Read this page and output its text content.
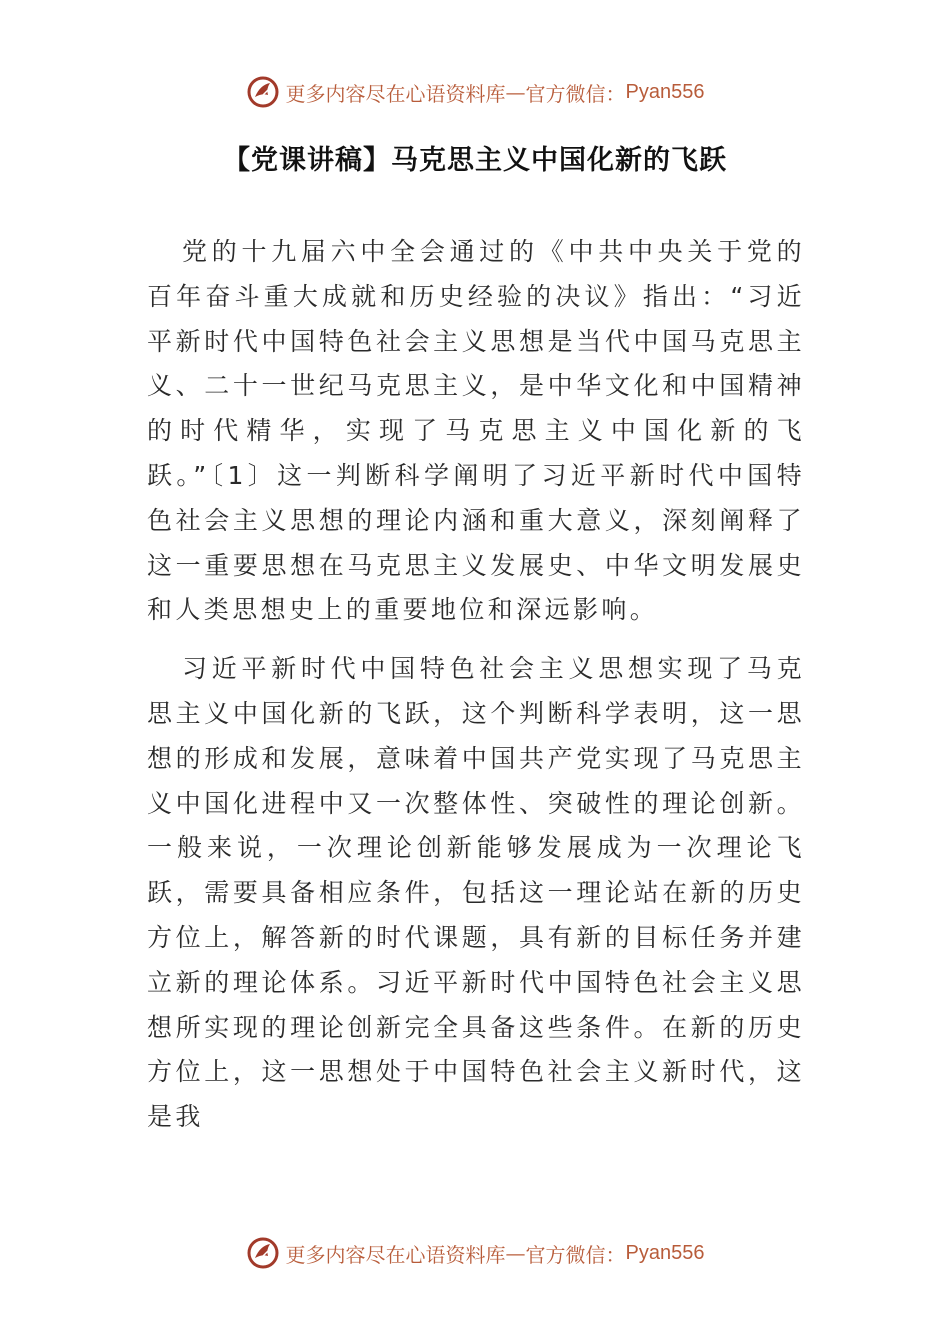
更多内容尽在心语资料库 — 官方微信： Pyan556
【党课讲稿】马克思主义中国化新的飞跃

党的十九届六中全会通过的《中共中央关于党的百年奋斗重大成就和历史经验的决议》指出：“习近平新时代中国特色社会主义思想是当代中国马克思主义、二十一世纪马克思主义，是中华文化和中国精神的时代精华，实现了马克思主义中国化新的飞跃。”〔1〕这一判断科学阐明了习近平新时代中国特色社会主义思想的理论内涵和重大意义，深刻阐释了这一重要思想在马克思主义发展史、中华文明发展史和人类思想史上的重要地位和深远影响。

习近平新时代中国特色社会主义思想实现了马克思主义中国化新的飞跃，这个判断科学表明，这一思想的形成和发展，意味着中国共产党实现了马克思主义中国化进程中又一次整体性、突破性的理论创新。一般来说，一次理论创新能够发展成为一次理论飞跃，需要具备相应条件，包括这一理论站在新的历史方位上，解答新的时代课题，具有新的目标任务并建立新的理论体系。习近平新时代中国特色社会主义思想所实现的理论创新完全具备这些条件。在新的历史方位上，这一思想处于中国特色社会主义新时代，这是我

更多内容尽在心语资料库 — 官方微信： Pyan556
